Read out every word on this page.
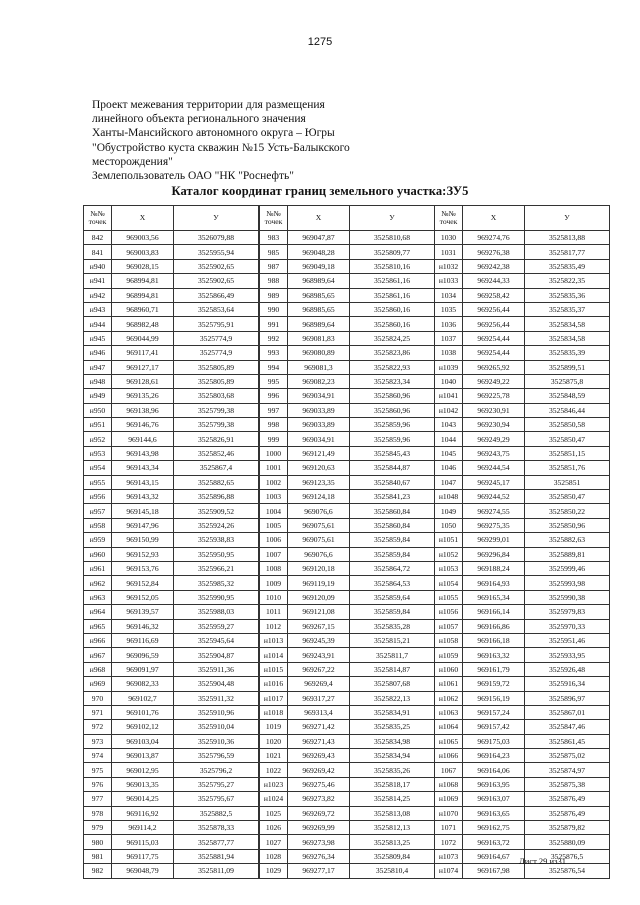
1275
Проект межевания территории для размещения
линейного объекта регионального значения
Ханты-Мансийского автономного округа – Югры
"Обустройство куста скважин №15 Усть-Балыкского
месторождения"
Землепользователь ОАО "НК "Роснефть"
Каталог координат границ земельного участка:ЗУ5
№№
точек	X	У
842	969003,56	3526079,88
841	969003,83	3525955,94
н940	969028,15	3525902,65
н941	968994,81	3525902,65
н942	968994,81	3525866,49
н943	968960,71	3525853,64
н944	968982,48	3525795,91
н945	969044,99	3525774,9
н946	969117,41	3525774,9
н947	969127,17	3525805,89
н948	969128,61	3525805,89
н949	969135,26	3525803,68
н950	969138,96	3525799,38
н951	969146,76	3525799,38
н952	969144,6	3525826,91
н953	969143,98	3525852,46
н954	969143,34	3525867,4
н955	969143,15	3525882,65
н956	969143,32	3525896,88
н957	969145,18	3525909,52
н958	969147,96	3525924,26
н959	969150,99	3525938,83
н960	969152,93	3525950,95
н961	969153,76	3525966,21
н962	969152,84	3525985,32
н963	969152,05	3525990,95
н964	969139,57	3525988,03
н965	969146,32	3525959,27
н966	969116,69	3525945,64
н967	969096,59	3525904,87
н968	969091,97	3525911,36
н969	969082,33	3525904,48
970	969102,7	3525911,32
971	969101,76	3525910,96
972	969102,12	3525910,04
973	969103,04	3525910,36
974	969013,87	3525796,59
975	969012,95	3525796,2
976	969013,35	3525795,27
977	969014,25	3525795,67
978	969116,92	3525882,5
979	969114,2	3525878,33
980	969115,03	3525877,77
981	969117,75	3525881,94
982	969048,79	3525811,09
№№
точек	X	У
983	969047,87	3525810,68
985	969048,28	3525809,77
987	969049,18	3525810,16
988	968989,64	3525861,16
989	968985,65	3525861,16
990	968985,65	3525860,16
991	968989,64	3525860,16
992	969081,83	3525824,25
993	969080,89	3525823,86
994	969081,3	3525822,93
995	969082,23	3525823,34
996	969034,91	3525860,96
997	969033,89	3525860,96
998	969033,89	3525859,96
999	969034,91	3525859,96
1000	969121,49	3525845,43
1001	969120,63	3525844,87
1002	969123,35	3525840,67
1003	969124,18	3525841,23
1004	969076,6	3525860,84
1005	969075,61	3525860,84
1006	969075,61	3525859,84
1007	969076,6	3525859,84
1008	969120,18	3525864,72
1009	969119,19	3525864,53
1010	969120,09	3525859,64
1011	969121,08	3525859,84
1012	969267,15	3525835,28
н1013	969245,39	3525815,21
н1014	969243,91	3525811,7
н1015	969267,22	3525814,87
н1016	969269,4	3525807,68
н1017	969317,27	3525822,13
н1018	969313,4	3525834,91
1019	969271,42	3525835,25
1020	969271,43	3525834,98
1021	969269,43	3525834,94
1022	969269,42	3525835,26
н1023	969275,46	3525818,17
н1024	969273,82	3525814,25
1025	969269,72	3525813,08
1026	969269,99	3525812,13
1027	969273,98	3525813,25
1028	969276,34	3525809,84
1029	969277,17	3525810,4
№№
точек	X	У
1030	969274,76	3525813,88
1031	969276,38	3525817,77
н1032	969242,38	3525835,49
н1033	969244,33	3525822,35
1034	969258,42	3525835,36
1035	969256,44	3525835,37
1036	969256,44	3525834,58
1037	969254,44	3525834,58
1038	969254,44	3525835,39
н1039	969265,92	3525899,51
1040	969249,22	3525875,8
н1041	969225,78	3525848,59
н1042	969230,91	3525846,44
1043	969230,94	3525850,58
1044	969249,29	3525850,47
1045	969243,75	3525851,15
1046	969244,54	3525851,76
1047	969245,17	3525851
н1048	969244,52	3525850,47
1049	969274,55	3525850,22
1050	969275,35	3525850,96
н1051	969299,01	3525882,63
н1052	969296,84	3525889,81
н1053	969188,24	3525999,46
н1054	969164,93	3525993,98
н1055	969165,34	3525990,38
н1056	969166,14	3525979,83
н1057	969166,86	3525970,33
н1058	969166,18	3525951,46
н1059	969163,32	3525933,95
н1060	969161,79	3525926,48
н1061	969159,72	3525916,34
н1062	969156,19	3525896,97
н1063	969157,24	3525867,01
н1064	969157,42	3525847,46
н1065	969175,03	3525861,45
н1066	969164,23	3525875,02
1067	969164,06	3525874,97
н1068	969163,95	3525875,38
н1069	969163,07	3525876,49
н1070	969163,65	3525876,49
1071	969162,75	3525879,82
1072	969163,72	3525880,09
н1073	969164,67	3525876,5
н1074	969167,98	3525876,54
Лист 29 из31
